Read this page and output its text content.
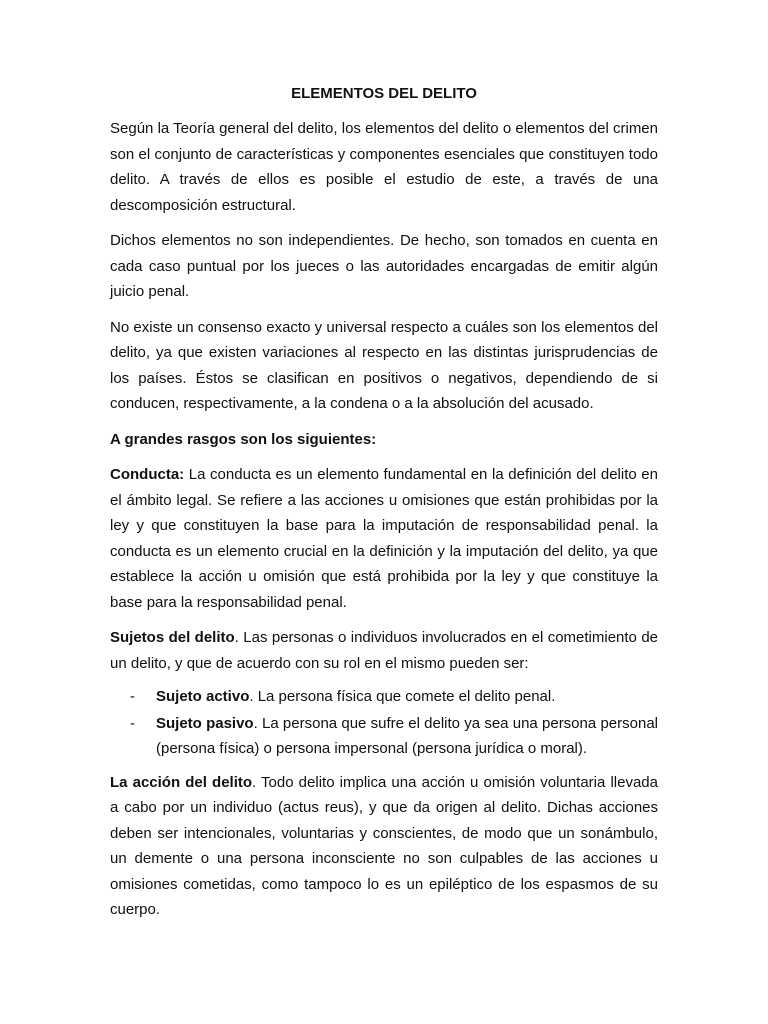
ELEMENTOS DEL DELITO

Según la Teoría general del delito, los elementos del delito o elementos del crimen son el conjunto de características y componentes esenciales que constituyen todo delito. A través de ellos es posible el estudio de este, a través de una descomposición estructural.

Dichos elementos no son independientes. De hecho, son tomados en cuenta en cada caso puntual por los jueces o las autoridades encargadas de emitir algún juicio penal.

No existe un consenso exacto y universal respecto a cuáles son los elementos del delito, ya que existen variaciones al respecto en las distintas jurisprudencias de los países. Éstos se clasifican en positivos o negativos, dependiendo de si conducen, respectivamente, a la condena o a la absolución del acusado.

A grandes rasgos son los siguientes:

Conducta: La conducta es un elemento fundamental en la definición del delito en el ámbito legal. Se refiere a las acciones u omisiones que están prohibidas por la ley y que constituyen la base para la imputación de responsabilidad penal. la conducta es un elemento crucial en la definición y la imputación del delito, ya que establece la acción u omisión que está prohibida por la ley y que constituye la base para la responsabilidad penal.

Sujetos del delito. Las personas o individuos involucrados en el cometimiento de un delito, y que de acuerdo con su rol en el mismo pueden ser:

- Sujeto activo. La persona física que comete el delito penal.
- Sujeto pasivo. La persona que sufre el delito ya sea una persona personal (persona física) o persona impersonal (persona jurídica o moral).

La acción del delito. Todo delito implica una acción u omisión voluntaria llevada a cabo por un individuo (actus reus), y que da origen al delito. Dichas acciones deben ser intencionales, voluntarias y conscientes, de modo que un sonámbulo, un demente o una persona inconsciente no son culpables de las acciones u omisiones cometidas, como tampoco lo es un epiléptico de los espasmos de su cuerpo.
